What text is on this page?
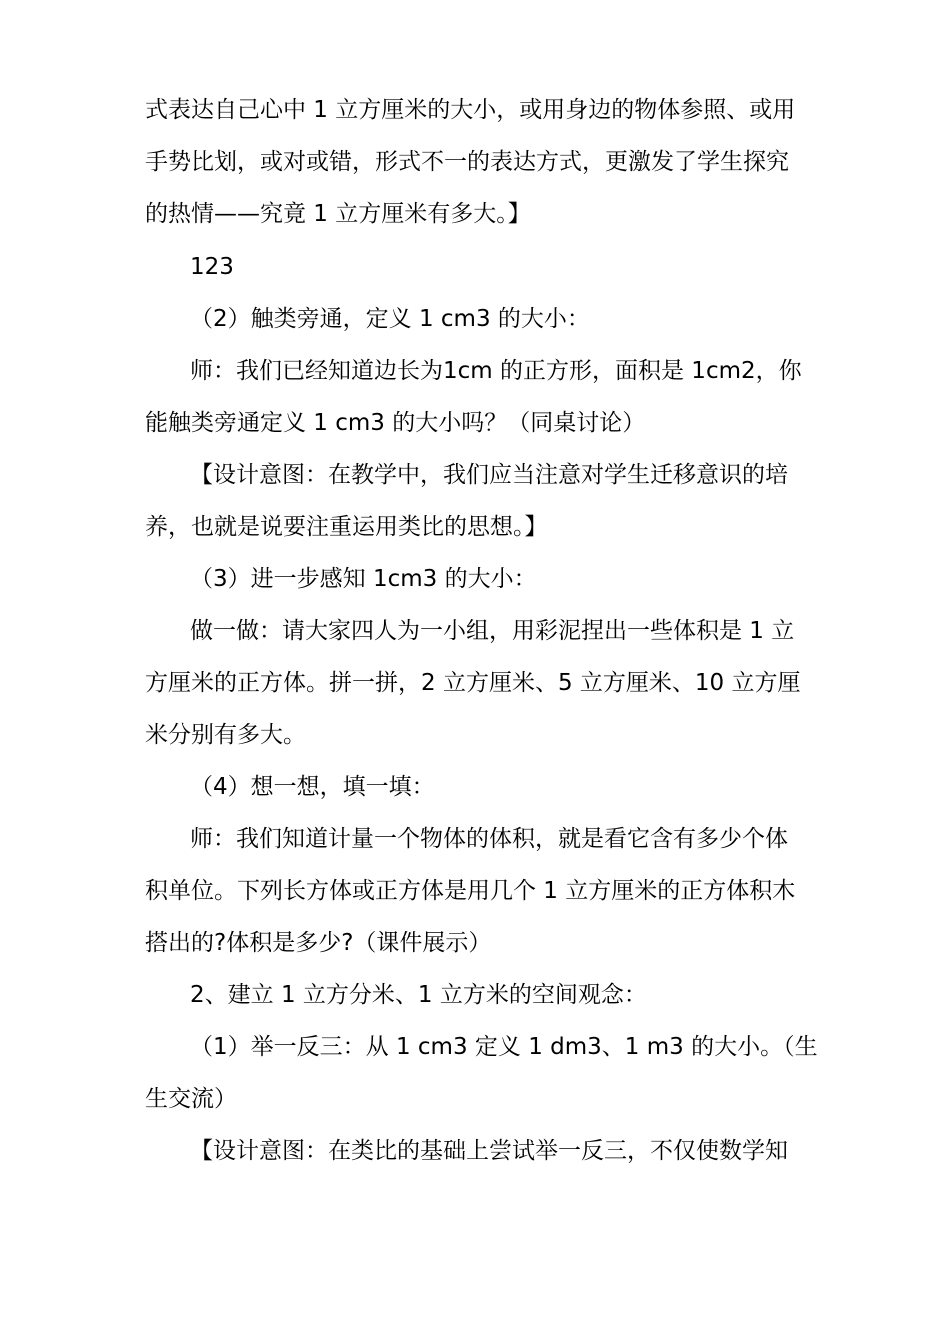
式表达自己心中 1 立方厘米的大小，或用身边的物体参照、或用
手势比划，或对或错，形式不一的表达方式，更激发了学生探究
的热情——究竟 1 立方厘米有多大。】
123
（2）触类旁通，定义 1 cm3 的大小：
师：我们已经知道边长为1cm 的正方形，面积是 1cm2，你
能触类旁通定义 1 cm3 的大小吗？（同桌讨论）
【设计意图：在教学中，我们应当注意对学生迁移意识的培
养，也就是说要注重运用类比的思想。】
（3）进一步感知 1cm3 的大小：
做一做：请大家四人为一小组，用彩泥捏出一些体积是 1 立
方厘米的正方体。拼一拼，2 立方厘米、5 立方厘米、10 立方厘
米分别有多大。
（4）想一想，填一填：
师：我们知道计量一个物体的体积，就是看它含有多少个体
积单位。下列长方体或正方体是用几个 1 立方厘米的正方体积木
搭出的?体积是多少?（课件展示）
2、建立 1 立方分米、1 立方米的空间观念：
（1）举一反三：从 1 cm3 定义 1 dm3、1 m3 的大小。（生
生交流）
【设计意图：在类比的基础上尝试举一反三，不仅使数学知
